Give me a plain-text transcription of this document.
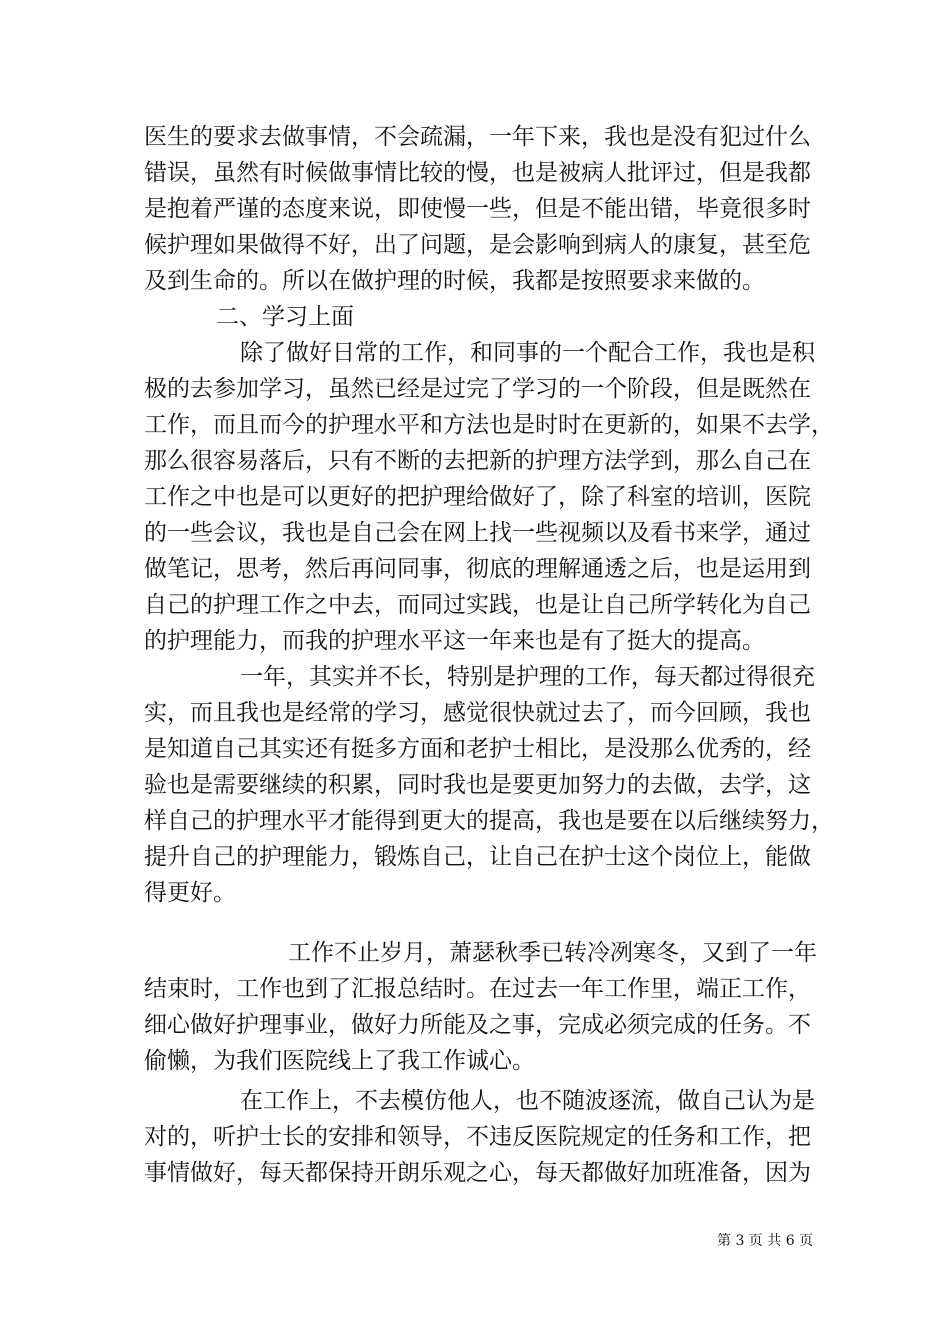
医生的要求去做事情，不会疏漏，一年下来，我也是没有犯过什么
错误，虽然有时候做事情比较的慢，也是被病人批评过，但是我都
是抱着严谨的态度来说，即使慢一些，但是不能出错，毕竟很多时
候护理如果做得不好，出了问题，是会影响到病人的康复，甚至危
及到生命的。所以在做护理的时候，我都是按照要求来做的。
二、学习上面
除了做好日常的工作，和同事的一个配合工作，我也是积
极的去参加学习，虽然已经是过完了学习的一个阶段，但是既然在
工作，而且而今的护理水平和方法也是时时在更新的，如果不去学，
那么很容易落后，只有不断的去把新的护理方法学到，那么自己在
工作之中也是可以更好的把护理给做好了，除了科室的培训，医院
的一些会议，我也是自己会在网上找一些视频以及看书来学，通过
做笔记，思考，然后再问同事，彻底的理解通透之后，也是运用到
自己的护理工作之中去，而同过实践，也是让自己所学转化为自己
的护理能力，而我的护理水平这一年来也是有了挺大的提高。
一年，其实并不长，特别是护理的工作，每天都过得很充
实，而且我也是经常的学习，感觉很快就过去了，而今回顾，我也
是知道自己其实还有挺多方面和老护士相比，是没那么优秀的，经
验也是需要继续的积累，同时我也是要更加努力的去做，去学，这
样自己的护理水平才能得到更大的提高，我也是要在以后继续努力，
提升自己的护理能力，锻炼自己，让自己在护士这个岗位上，能做
得更好。
工作不止岁月，萧瑟秋季已转冷冽寒冬，又到了一年
结束时，工作也到了汇报总结时。在过去一年工作里，端正工作，
细心做好护理事业，做好力所能及之事，完成必须完成的任务。不
偷懒，为我们医院线上了我工作诚心。
在工作上，不去模仿他人，也不随波逐流，做自己认为是
对的，听护士长的安排和领导，不违反医院规定的任务和工作，把
事情做好，每天都保持开朗乐观之心，每天都做好加班准备，因为
第 3 页 共 6 页
